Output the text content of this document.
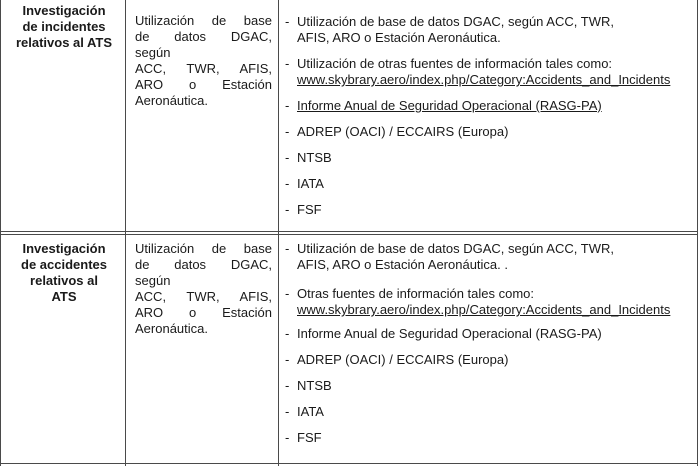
Investigación
de incidentes
relativos al ATS
Utilización de base
de datos DGAC,
según
ACC, TWR, AFIS,
ARO o Estación
Aeronáutica.
- Utilización de base de datos DGAC, según ACC, TWR,
AFIS, ARO o Estación Aeronáutica.
- Utilización de otras fuentes de información tales como:
www.skybrary.aero/index.php/Category:Accidents_and_Incidents
- Informe Anual de Seguridad Operacional (RASG-PA)
- ADREP (OACI) / ECCAIRS (Europa)
- NTSB
- IATA
- FSF
Investigación
de accidentes
relativos al
ATS
Utilización de base
de datos DGAC,
según
ACC, TWR, AFIS,
ARO o Estación
Aeronáutica.
- Utilización de base de datos DGAC, según ACC, TWR,
AFIS, ARO o Estación Aeronáutica. .
- Otras fuentes de información tales como:
www.skybrary.aero/index.php/Category:Accidents_and_Incidents
- Informe Anual de Seguridad Operacional (RASG-PA)
- ADREP (OACI) / ECCAIRS (Europa)
- NTSB
- IATA
- FSF
